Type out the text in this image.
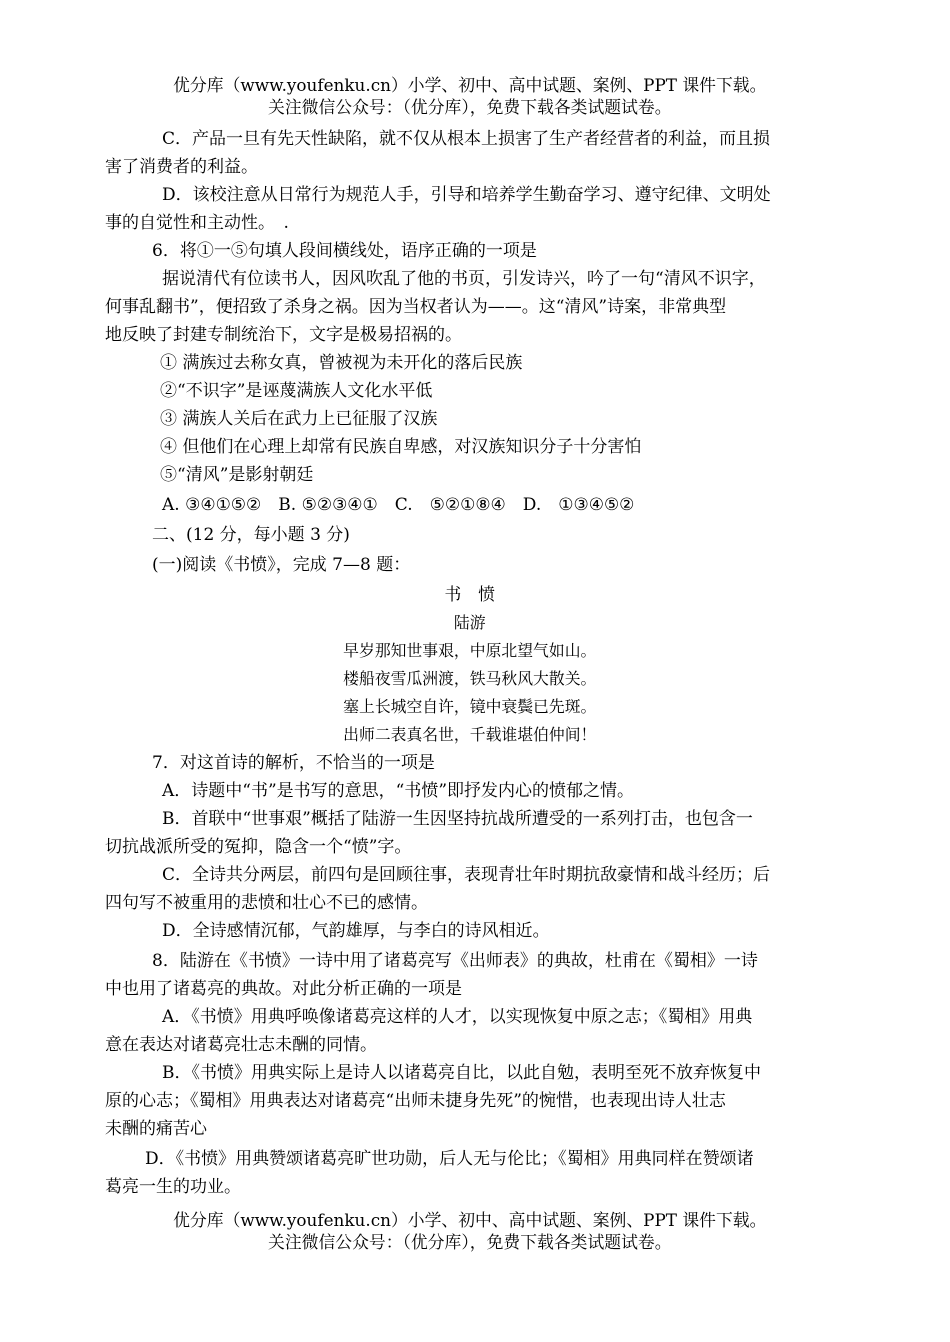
优分库（www.youfenku.cn）小学、初中、高中试题、案例、PPT 课件下载。

关注微信公众号：（优分库），免费下载各类试题试卷。

C．产品一旦有先天性缺陷，就不仅从根本上损害了生产者经营者的利益，而且损

害了消费者的利益。

D．该校注意从日常行为规范人手，引导和培养学生勤奋学习、遵守纪律、文明处

事的自觉性和主动性。　.

6．将①一⑤句填人段间横线处，语序正确的一项是

据说清代有位读书人，因风吹乱了他的书页，引发诗兴，吟了一句“清风不识字，

何事乱翻书”，便招致了杀身之祸。因为当权者认为——。这“清风”诗案，非常典型

地反映了封建专制统治下，文字是极易招祸的。

① 满族过去称女真，曾被视为未开化的落后民族

②“不识字”是诬蔑满族人文化水平低

③ 满族人关后在武力上已征服了汉族

④ 但他们在心理上却常有民族自卑感，对汉族知识分子十分害怕

⑤“清风”是影射朝廷

A. ③④①⑤②　B. ⑤②③④①　C.　⑤②①⑧④　D.　①③④⑤②

二、(12 分，每小题 3 分)

(一)阅读《书愤》，完成 7—8 题：

书　愤

陆游

早岁那知世事艰，中原北望气如山。

楼船夜雪瓜洲渡，铁马秋风大散关。

塞上长城空自许，镜中衰鬓已先斑。

出师二表真名世，千载谁堪伯仲间！

7．对这首诗的解析，不恰当的一项是

A．诗题中“书”是书写的意思，“书愤”即抒发内心的愤郁之情。

B．首联中“世事艰”概括了陆游一生因坚持抗战所遭受的一系列打击，也包含一

切抗战派所受的冤抑，隐含一个“愤”字。

C．全诗共分两层，前四句是回顾往事，表现青壮年时期抗敌豪情和战斗经历；后

四句写不被重用的悲愤和壮心不已的感情。

D．全诗感情沉郁，气韵雄厚，与李白的诗风相近。

8．陆游在《书愤》一诗中用了诸葛亮写《出师表》的典故，杜甫在《蜀相》一诗

中也用了诸葛亮的典故。对此分析正确的一项是

A．《书愤》用典呼唤像诸葛亮这样的人才，以实现恢复中原之志；《蜀相》用典

意在表达对诸葛亮壮志未酬的同情。

B．《书愤》用典实际上是诗人以诸葛亮自比，以此自勉，表明至死不放弃恢复中

原的心志；《蜀相》用典表达对诸葛亮“出师未捷身先死”的惋惜，也表现出诗人壮志

未酬的痛苦心

D．《书愤》用典赞颂诸葛亮旷世功勋，后人无与伦比；《蜀相》用典同样在赞颂诸

葛亮一生的功业。

优分库（www.youfenku.cn）小学、初中、高中试题、案例、PPT 课件下载。

关注微信公众号：（优分库），免费下载各类试题试卷。
